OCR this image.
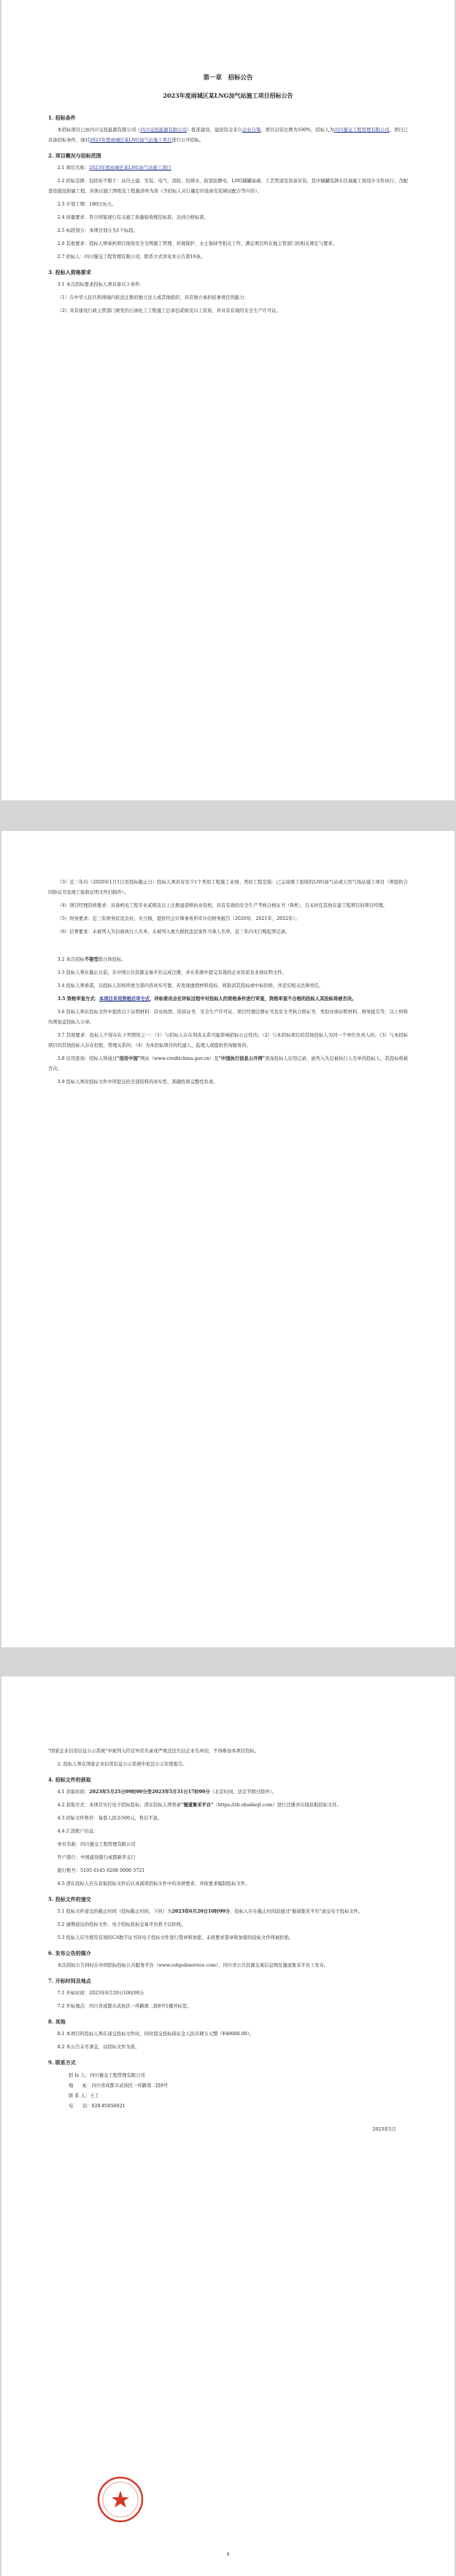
第一章　招标公告
2023年度雨城区某LNG加气站施工项目招标公告
1. 招标条件

本招标项目已由四川交投能源有限公司（四川交投能源有限公司）批准建设，建设资金来自企业自筹，项目出资比例为100%，招标人为四川蜀交工程管理有限公司。项目已具备招标条件，现对2023年度雨城区某LNG加气站施工项目进行公开招标。

2. 项目概况与招标范围

2.1 项目名称：2023年度雨城区某LNG加气站施工项目

2.2 招标范围：包括但不限于：站内土建、安装、电气、消防、给排水、防雷防静电、LNG储罐基础、工艺管道及设备安装，其中储罐及卸车区域施工按设计文件执行，含配套设施及附属工程，具体以施工图纸及工程量清单为准（含招标人另行确定的设备安装调试配合等内容）。

2.3 计划工期：180日历天。

2.4 质量要求：符合国家现行有关施工质量验收规范标准，达到合格标准。

2.5 标段划分：本项目划分为1个标段。

2.6 其他要求：投标人须承担项目现场安全文明施工管理、环境保护、水土保持等相关工作，满足项目所在地主管部门的相关规定与要求。

2.7 招标人：四川蜀交工程管理有限公司，联系方式详见本公告第10条。

3. 投标人资格要求

3.1 本次招标要求投标人须具备以下条件：

（1）在中华人民共和国境内依法注册的独立法人或其他组织，具有独立承担民事责任的能力；

（2）具有建设行政主管部门颁发的石油化工工程施工总承包贰级及以上资质，并具有有效的安全生产许可证。

（3）近三年内（2020年1月1日至投标截止日）投标人须具有至少1个类似工程施工业绩；类似工程是指：已完成竣工验收的LNG加气站或天然气场站施工项目（须提供合同协议书及竣工验收证明文件扫描件）。

（4）项目经理资格要求：具备机电工程专业贰级及以上注册建造师执业资格，具有有效的安全生产考核合格证书（B类），且未担任其他在建工程项目的项目经理。

（5）财务要求：近三年财务状况良好，无亏损，提供经会计师事务所审计的财务报告（2020年、2021年、2022年）。

（6）信誉要求：未被列入失信被执行人名单，未被列入重大税收违法案件当事人名单，近三年内无行贿犯罪记录。

3.2 本次招标不接受联合体投标。

3.3 投标人须在截止日前，在中国公共资源交易平台完成注册，并在系统中提交有效的企业资质及业绩证明文件。

3.4 投标人须承诺，以投标人资格所述全部内容真实可靠，若发现虚假材料投标，将取消其投标或中标资格，并追究相关法律责任。

3.5 资格审查方式：本项目采用资格后审方式，评标委员会在评标过程中对投标人的资格条件进行审查，资格审查不合格的投标人其投标将被否决。

3.6 投标人须在投标文件中提供以下证明材料：营业执照、资质证书、安全生产许可证、项目经理注册证书及安全考核合格证书、类似业绩证明材料、财务报告等，以上材料均须加盖投标人公章。

3.7 其他要求：投标人不得存在下列情形之一：（1）与招标人存在利害关系可能影响招标公正性的；（2）与本招标项目的其他投标人为同一个单位负责人的；（3）与本招标项目的其他投标人存在控股、管理关系的；（4）为本招标项目的代建人、监理人或提供咨询服务的。

3.8 信用查询：招标人将通过"信用中国"网站（www.creditchina.gov.cn）及"中国执行信息公开网"查询投标人信用记录，被列入失信被执行人名单的投标人，其投标将被否决。

3.9 投标人须对投标文件中所提交的全部资料的真实性、准确性和完整性负责。

"国家企业信用信息公示系统"中被列入经营异常名录或严重违法失信企业名单的，不得参加本项目投标。

2. 投标人须在国家企业信用信息公示系统中依法公示年度报告。

4. 招标文件的获取

4.1 获取时间：2023年5月25日09时00分至2023年5月31日17时00分（北京时间，法定节假日除外）。

4.2 获取方式：本项目实行电子招标投标，潜在投标人须登录"蜀道集采平台"（https://zb.shudaojt.com）进行注册并在线获取招标文件。

4.3 招标文件售价：每套人民币500元，售后不退。

4.4 汇款账户信息：

单位名称：四川蜀交工程管理有限公司

开户银行：中国建设银行成都新华支行

银行账号：5105 0145 6208 0000 3721

4.5 潜在投标人应在获取招标文件后认真阅读招标文件中的各项要求，并按要求编制投标文件。

5. 投标文件的递交

5.1 投标文件递交的截止时间（投标截止时间，下同）为2023年6月20日10时00分，投标人应在截止时间前通过"蜀道集采平台"递交电子投标文件。

5.2 逾期送达的投标文件，电子招标投标交易平台将予以拒收。

5.3 投标人应当使用有效的CA数字证书对电子投标文件进行签章和加密，未按要求签章和加密的投标文件将被拒绝。

6. 发布公告的媒介

本次招标公告同时在中国招标投标公共服务平台（www.cebpubservice.com）、四川省公共资源交易信息网及蜀道集采平台上发布。

7. 开标时间及地点

7.1 开标时间：2023年6月20日10时00分

7.2 开标地点：四川省成都市武侯区一环路南二段8号1楼开标室。

8. 其他

8.1 本项目的投标人须在递交投标文件时，同时提交投标保证金人民币肆万元整（¥40000.00）。

8.2 本公告未尽事宜，以招标文件为准。

9. 联系方式
招 标 人：四川蜀交工程管理有限公司
地　　址：四川省成都市武侯区一环路南二段8号
联 系 人：王工
电　　话：028-85056021
2023年5月
4
